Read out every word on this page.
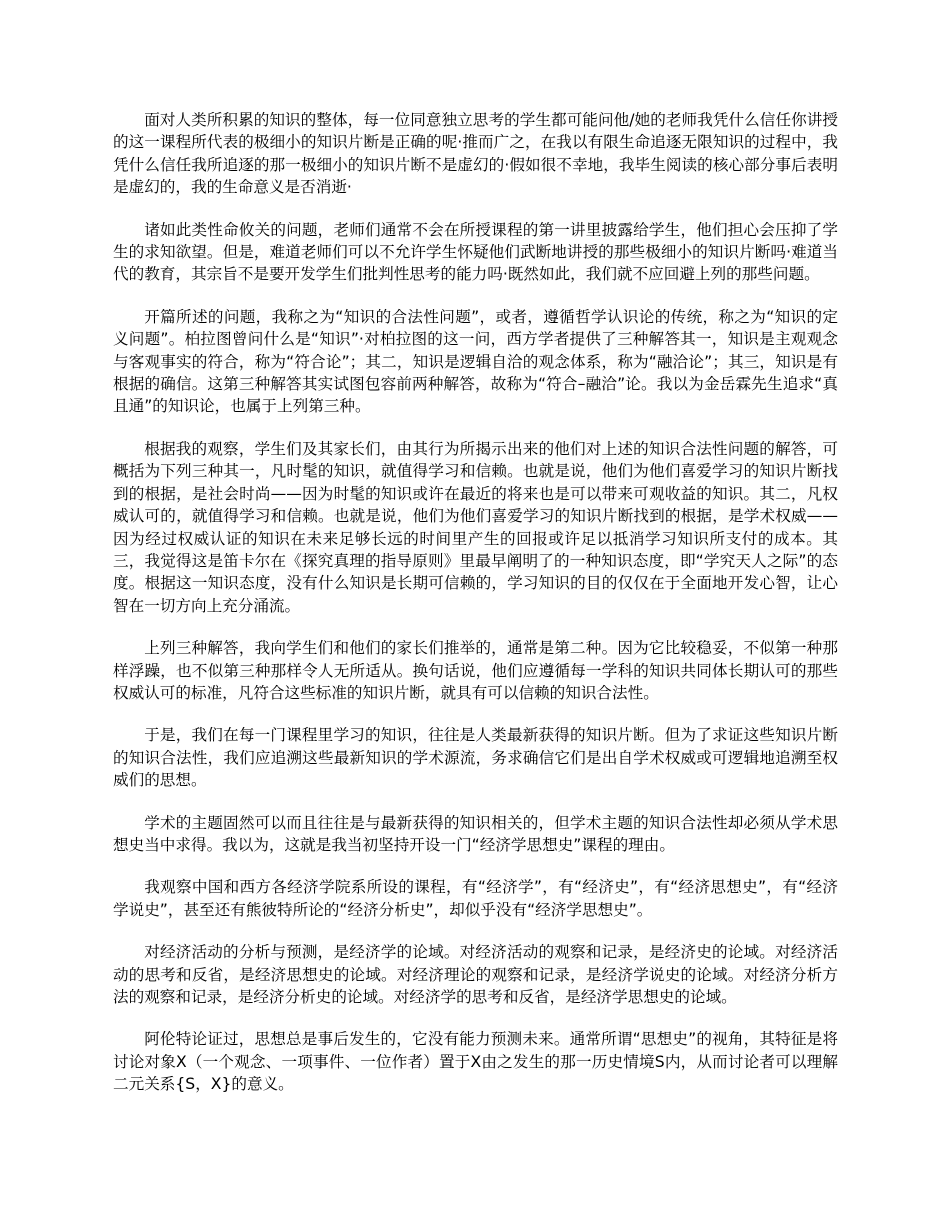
面对人类所积累的知识的整体，每一位同意独立思考的学生都可能问他/她的老师我凭什么信任你讲授的这一课程所代表的极细小的知识片断是正确的呢·推而广之，在我以有限生命追逐无限知识的过程中，我凭什么信任我所追逐的那一极细小的知识片断不是虚幻的·假如很不幸地，我毕生阅读的核心部分事后表明是虚幻的，我的生命意义是否消逝·

诸如此类性命攸关的问题，老师们通常不会在所授课程的第一讲里披露给学生，他们担心会压抑了学生的求知欲望。但是，难道老师们可以不允许学生怀疑他们武断地讲授的那些极细小的知识片断吗·难道当代的教育，其宗旨不是要开发学生们批判性思考的能力吗·既然如此，我们就不应回避上列的那些问题。

开篇所述的问题，我称之为“知识的合法性问题”，或者，遵循哲学认识论的传统，称之为“知识的定义问题”。柏拉图曾问什么是“知识”·对柏拉图的这一问，西方学者提供了三种解答其一，知识是主观观念与客观事实的符合，称为“符合论”；其二，知识是逻辑自洽的观念体系，称为“融洽论”；其三，知识是有根据的确信。这第三种解答其实试图包容前两种解答，故称为“符合–融洽”论。我以为金岳霖先生追求“真且通”的知识论，也属于上列第三种。

根据我的观察，学生们及其家长们，由其行为所揭示出来的他们对上述的知识合法性问题的解答，可概括为下列三种其一，凡时髦的知识，就值得学习和信赖。也就是说，他们为他们喜爱学习的知识片断找到的根据，是社会时尚——因为时髦的知识或许在最近的将来也是可以带来可观收益的知识。其二，凡权威认可的，就值得学习和信赖。也就是说，他们为他们喜爱学习的知识片断找到的根据，是学术权威——因为经过权威认证的知识在未来足够长远的时间里产生的回报或许足以抵消学习知识所支付的成本。其三，我觉得这是笛卡尔在《探究真理的指导原则》里最早阐明了的一种知识态度，即“学究天人之际”的态度。根据这一知识态度，没有什么知识是长期可信赖的，学习知识的目的仅仅在于全面地开发心智，让心智在一切方向上充分涌流。

上列三种解答，我向学生们和他们的家长们推举的，通常是第二种。因为它比较稳妥，不似第一种那样浮躁，也不似第三种那样令人无所适从。换句话说，他们应遵循每一学科的知识共同体长期认可的那些权威认可的标准，凡符合这些标准的知识片断，就具有可以信赖的知识合法性。

于是，我们在每一门课程里学习的知识，往往是人类最新获得的知识片断。但为了求证这些知识片断的知识合法性，我们应追溯这些最新知识的学术源流，务求确信它们是出自学术权威或可逻辑地追溯至权威们的思想。

学术的主题固然可以而且往往是与最新获得的知识相关的，但学术主题的知识合法性却必须从学术思想史当中求得。我以为，这就是我当初坚持开设一门“经济学思想史”课程的理由。

我观察中国和西方各经济学院系所设的课程，有“经济学”，有“经济史”，有“经济思想史”，有“经济学说史”，甚至还有熊彼特所论的“经济分析史”，却似乎没有“经济学思想史”。

对经济活动的分析与预测，是经济学的论域。对经济活动的观察和记录，是经济史的论域。对经济活动的思考和反省，是经济思想史的论域。对经济理论的观察和记录，是经济学说史的论域。对经济分析方法的观察和记录，是经济分析史的论域。对经济学的思考和反省，是经济学思想史的论域。

阿伦特论证过，思想总是事后发生的，它没有能力预测未来。通常所谓“思想史”的视角，其特征是将讨论对象X（一个观念、一项事件、一位作者）置于X由之发生的那一历史情境S内，从而讨论者可以理解二元关系{S，X}的意义。
